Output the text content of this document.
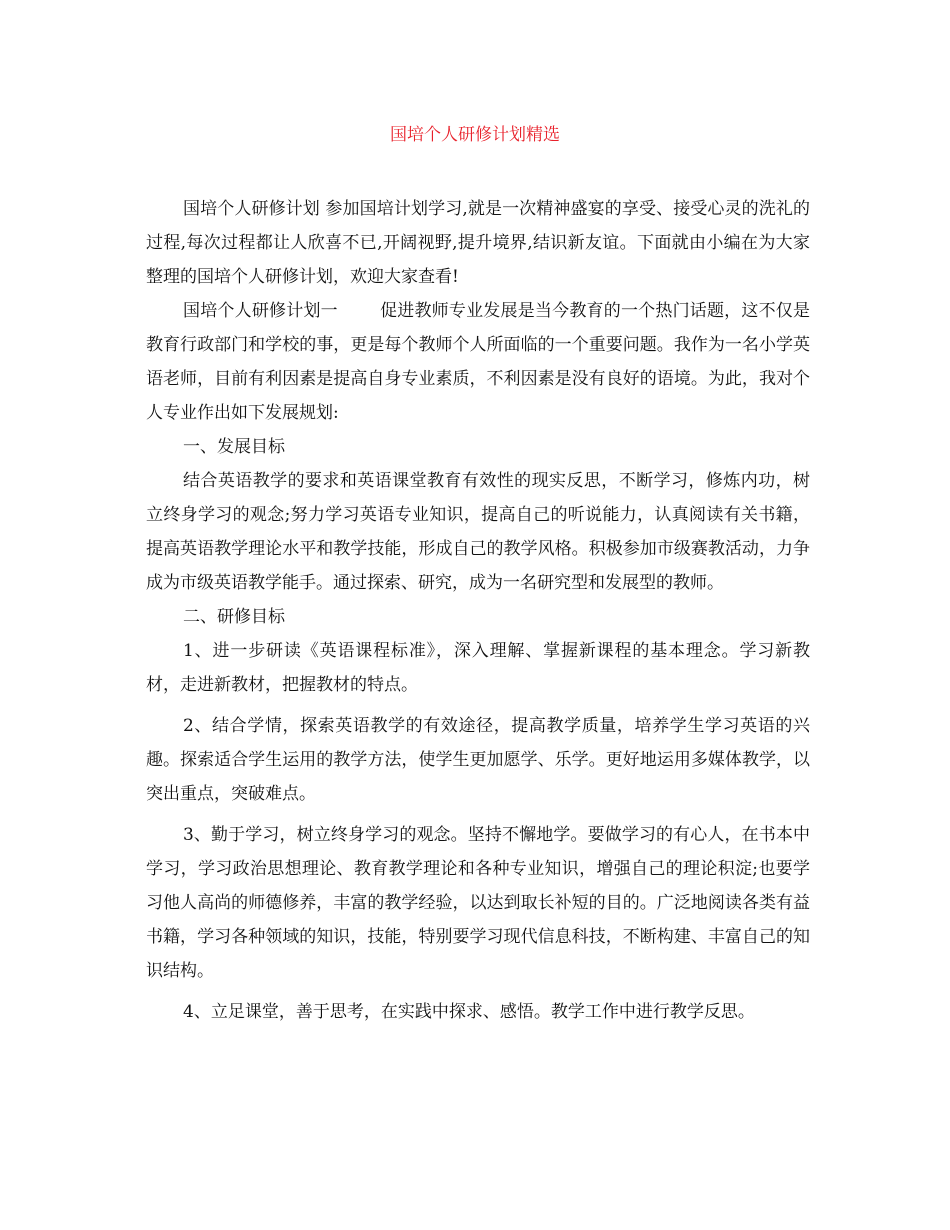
国培个人研修计划精选

国培个人研修计划 参加国培计划学习,就是一次精神盛宴的享受、接受心灵的洗礼的过程,每次过程都让人欣喜不已,开阔视野,提升境界,结识新友谊。下面就由小编在为大家整理的国培个人研修计划，欢迎大家查看!

国培个人研修计划一 促进教师专业发展是当今教育的一个热门话题，这不仅是教育行政部门和学校的事，更是每个教师个人所面临的一个重要问题。我作为一名小学英语老师，目前有利因素是提高自身专业素质，不利因素是没有良好的语境。为此，我对个人专业作出如下发展规划:

一、发展目标

结合英语教学的要求和英语课堂教育有效性的现实反思，不断学习，修炼内功，树立终身学习的观念;努力学习英语专业知识，提高自己的听说能力，认真阅读有关书籍，提高英语教学理论水平和教学技能，形成自己的教学风格。积极参加市级赛教活动，力争成为市级英语教学能手。通过探索、研究，成为一名研究型和发展型的教师。

二、研修目标

1、进一步研读《英语课程标准》，深入理解、掌握新课程的基本理念。学习新教材，走进新教材，把握教材的特点。

2、结合学情，探索英语教学的有效途径，提高教学质量，培养学生学习英语的兴趣。探索适合学生运用的教学方法，使学生更加愿学、乐学。更好地运用多媒体教学，以突出重点，突破难点。

3、勤于学习，树立终身学习的观念。坚持不懈地学。要做学习的有心人，在书本中学习，学习政治思想理论、教育教学理论和各种专业知识，增强自己的理论积淀;也要学习他人高尚的师德修养，丰富的教学经验，以达到取长补短的目的。广泛地阅读各类有益书籍，学习各种领域的知识，技能，特别要学习现代信息科技，不断构建、丰富自己的知识结构。

4、立足课堂，善于思考，在实践中探求、感悟。教学工作中进行教学反思。
